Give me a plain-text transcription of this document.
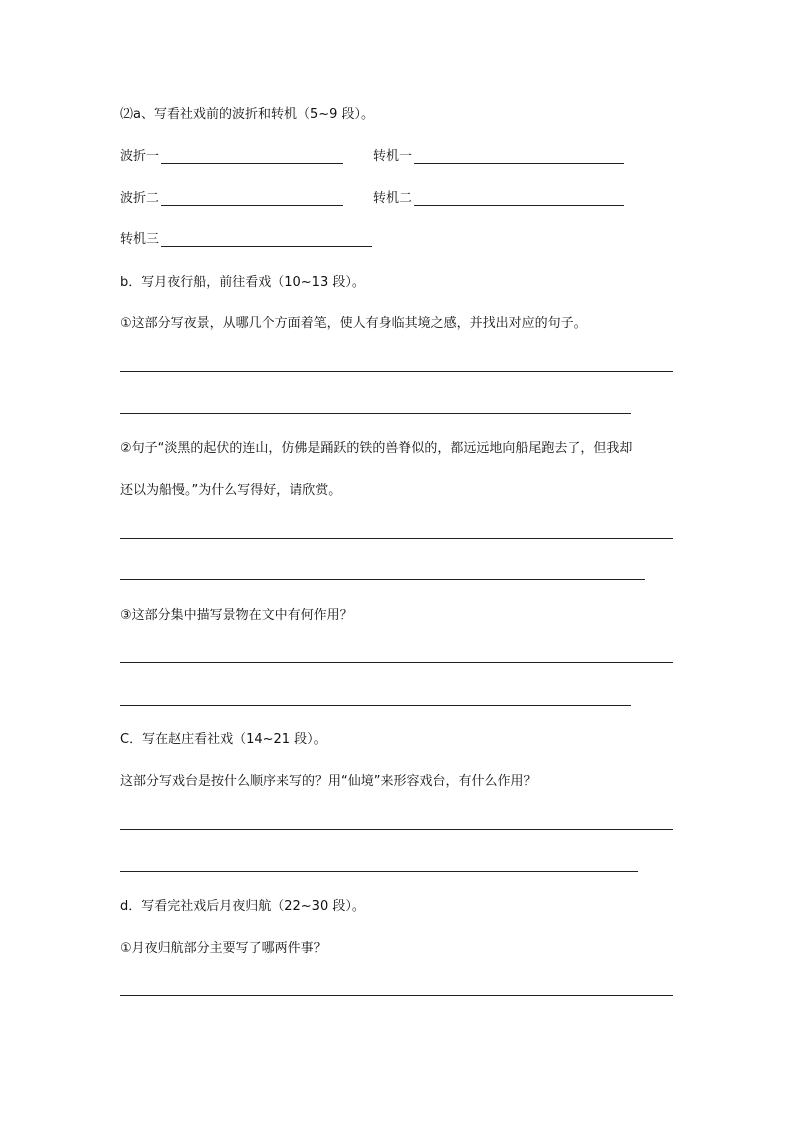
⑵a、写看社戏前的波折和转机（5~9 段）。
波折一	转机一
波折二	转机二
转机三
b．写月夜行船，前往看戏（10~13 段）。
①这部分写夜景，从哪几个方面着笔，使人有身临其境之感，并找出对应的句子。
②句子“淡黑的起伏的连山，仿佛是踊跃的铁的兽脊似的，都远远地向船尾跑去了，但我却
还以为船慢。”为什么写得好，请欣赏。
③这部分集中描写景物在文中有何作用？
C．写在赵庄看社戏（14~21 段）。
这部分写戏台是按什么顺序来写的？用“仙境”来形容戏台，有什么作用？
d．写看完社戏后月夜归航（22~30 段）。
①月夜归航部分主要写了哪两件事？
